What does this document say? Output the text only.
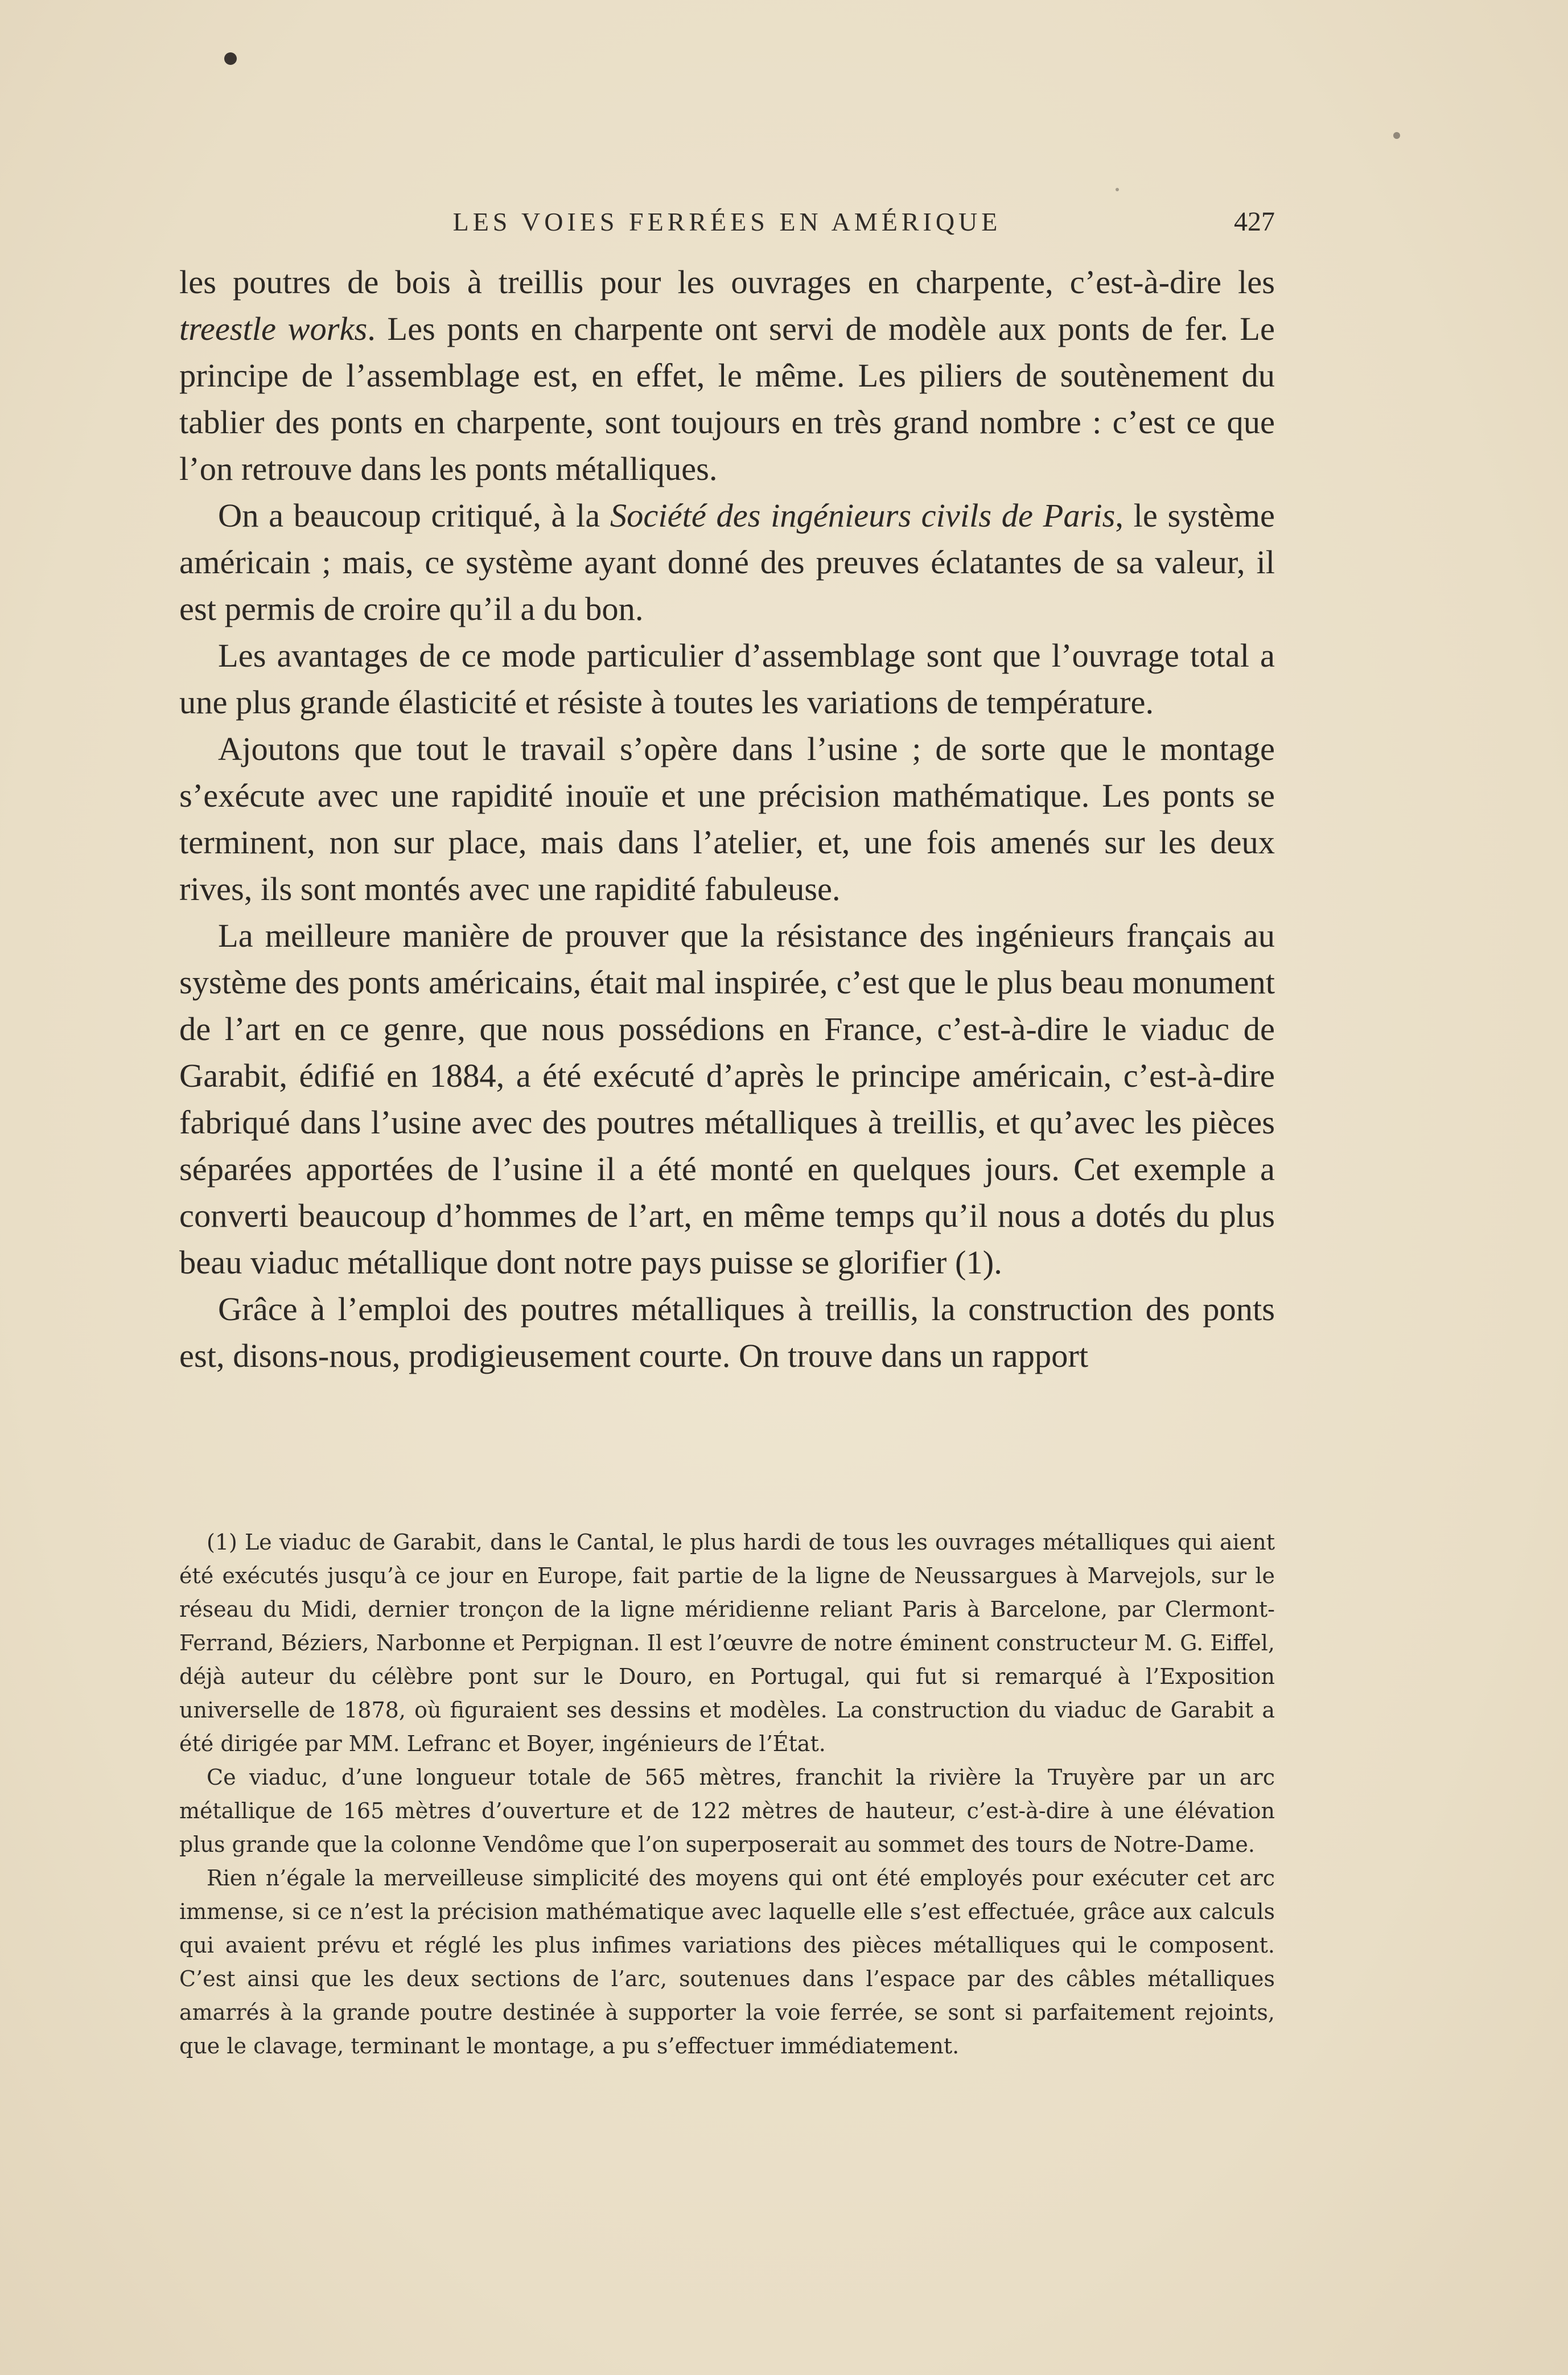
LES VOIES FERRÉES EN AMÉRIQUE	427

les poutres de bois à treillis pour les ouvrages en charpente, c’est-à-dire les treestle works. Les ponts en charpente ont servi de modèle aux ponts de fer. Le principe de l’assemblage est, en effet, le même. Les piliers de soutènement du tablier des ponts en charpente, sont toujours en très grand nombre : c’est ce que l’on retrouve dans les ponts métalliques.

On a beaucoup critiqué, à la Société des ingénieurs civils de Paris, le système américain ; mais, ce système ayant donné des preuves éclatantes de sa valeur, il est permis de croire qu’il a du bon.

Les avantages de ce mode particulier d’assemblage sont que l’ouvrage total a une plus grande élasticité et résiste à toutes les variations de température.

Ajoutons que tout le travail s’opère dans l’usine ; de sorte que le montage s’exécute avec une rapidité inouïe et une précision mathématique. Les ponts se terminent, non sur place, mais dans l’atelier, et, une fois amenés sur les deux rives, ils sont montés avec une rapidité fabuleuse.

La meilleure manière de prouver que la résistance des ingénieurs français au système des ponts américains, était mal inspirée, c’est que le plus beau monument de l’art en ce genre, que nous possédions en France, c’est-à-dire le viaduc de Garabit, édifié en 1884, a été exécuté d’après le principe américain, c’est-à-dire fabriqué dans l’usine avec des poutres métalliques à treillis, et qu’avec les pièces séparées apportées de l’usine il a été monté en quelques jours. Cet exemple a converti beaucoup d’hommes de l’art, en même temps qu’il nous a dotés du plus beau viaduc métallique dont notre pays puisse se glorifier (1).

Grâce à l’emploi des poutres métalliques à treillis, la construction des ponts est, disons-nous, prodigieusement courte. On trouve dans un rapport

(1) Le viaduc de Garabit, dans le Cantal, le plus hardi de tous les ouvrages métalliques qui aient été exécutés jusqu’à ce jour en Europe, fait partie de la ligne de Neussargues à Marvejols, sur le réseau du Midi, dernier tronçon de la ligne méridienne reliant Paris à Barcelone, par Clermont-Ferrand, Béziers, Narbonne et Perpignan. Il est l’œuvre de notre éminent constructeur M. G. Eiffel, déjà auteur du célèbre pont sur le Douro, en Portugal, qui fut si remarqué à l’Exposition universelle de 1878, où figuraient ses dessins et modèles. La construction du viaduc de Garabit a été dirigée par MM. Lefranc et Boyer, ingénieurs de l’État.

Ce viaduc, d’une longueur totale de 565 mètres, franchit la rivière la Truyère par un arc métallique de 165 mètres d’ouverture et de 122 mètres de hauteur, c’est-à-dire à une élévation plus grande que la colonne Vendôme que l’on superposerait au sommet des tours de Notre-Dame.

Rien n’égale la merveilleuse simplicité des moyens qui ont été employés pour exécuter cet arc immense, si ce n’est la précision mathématique avec laquelle elle s’est effectuée, grâce aux calculs qui avaient prévu et réglé les plus infimes variations des pièces métalliques qui le composent. C’est ainsi que les deux sections de l’arc, soutenues dans l’espace par des câbles métalliques amarrés à la grande poutre destinée à supporter la voie ferrée, se sont si parfaitement rejoints, que le clavage, terminant le montage, a pu s’effectuer immédiatement.
